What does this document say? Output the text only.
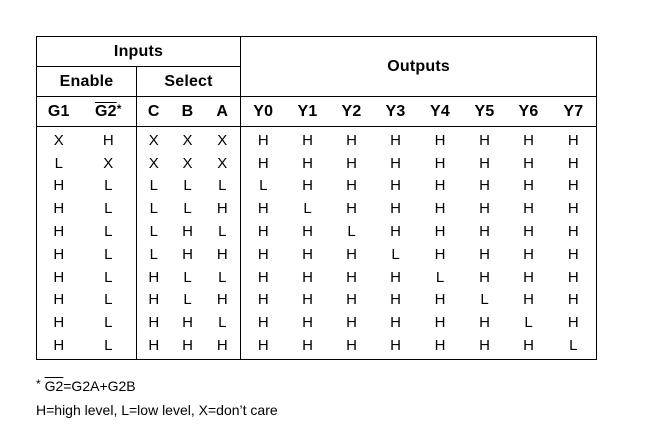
Inputs					Outputs							
Enable		Select										
G1	G2*	C	B	A	Y0	Y1	Y2	Y3	Y4	Y5	Y6	Y7
X	H	X	X	X	H	H	H	H	H	H	H	H
L	X	X	X	X	H	H	H	H	H	H	H	H
H	L	L	L	L	L	H	H	H	H	H	H	H
H	L	L	L	H	H	L	H	H	H	H	H	H
H	L	L	H	L	H	H	L	H	H	H	H	H
H	L	L	H	H	H	H	H	L	H	H	H	H
H	L	H	L	L	H	H	H	H	L	H	H	H
H	L	H	L	H	H	H	H	H	H	L	H	H
H	L	H	H	L	H	H	H	H	H	H	L	H
H	L	H	H	H	H	H	H	H	H	H	H	L
* G2=G2A+G2B
H=high level, L=low level, X=don’t care
